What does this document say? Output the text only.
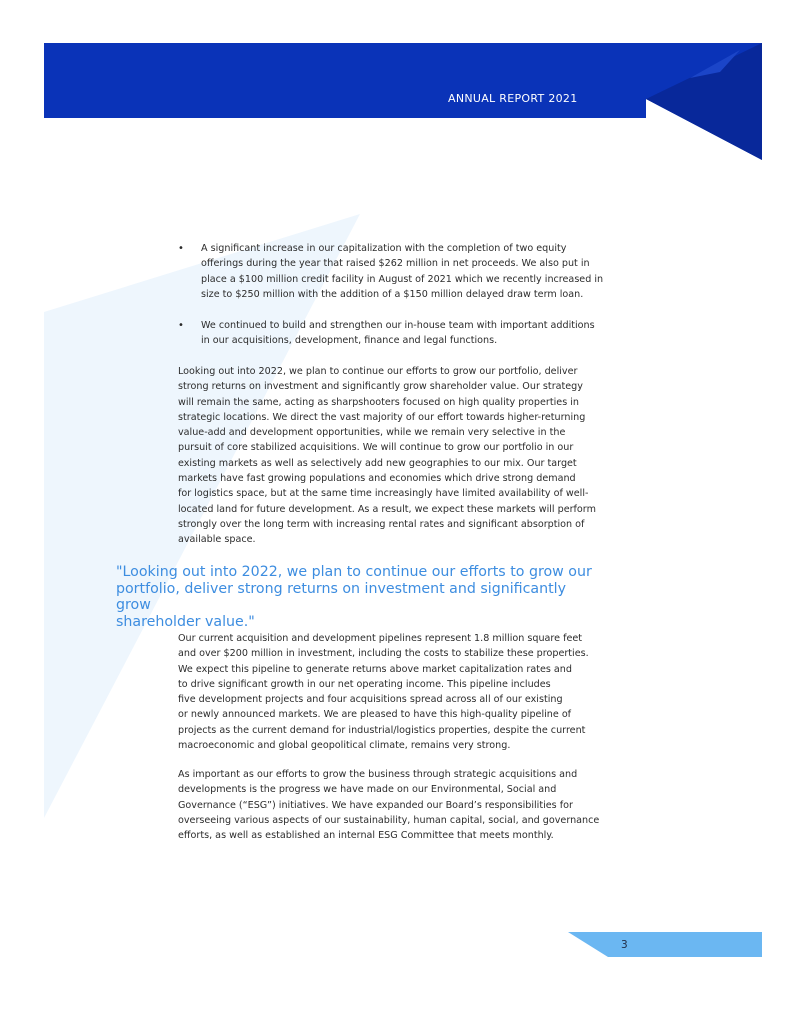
ANNUAL REPORT 2021
• A significant increase in our capitalization with the completion of two equity
offerings during the year that raised $262 million in net proceeds. We also put in
place a $100 million credit facility in August of 2021 which we recently increased in
size to $250 million with the addition of a $150 million delayed draw term loan.
• We continued to build and strengthen our in-house team with important additions
in our acquisitions, development, finance and legal functions.

Looking out into 2022, we plan to continue our efforts to grow our portfolio, deliver
strong returns on investment and significantly grow shareholder value. Our strategy
will remain the same, acting as sharpshooters focused on high quality properties in
strategic locations. We direct the vast majority of our effort towards higher-returning
value-add and development opportunities, while we remain very selective in the
pursuit of core stabilized acquisitions. We will continue to grow our portfolio in our
existing markets as well as selectively add new geographies to our mix. Our target
markets have fast growing populations and economies which drive strong demand
for logistics space, but at the same time increasingly have limited availability of well-
located land for future development. As a result, we expect these markets will perform
strongly over the long term with increasing rental rates and significant absorption of
available space.

"Looking out into 2022, we plan to continue our efforts to grow our
portfolio, deliver strong returns on investment and significantly grow
shareholder value."

Our current acquisition and development pipelines represent 1.8 million square feet
and over $200 million in investment, including the costs to stabilize these properties.
We expect this pipeline to generate returns above market capitalization rates and
to drive significant growth in our net operating income. This pipeline includes
five development projects and four acquisitions spread across all of our existing
or newly announced markets. We are pleased to have this high-quality pipeline of
projects as the current demand for industrial/logistics properties, despite the current
macroeconomic and global geopolitical climate, remains very strong.

As important as our efforts to grow the business through strategic acquisitions and
developments is the progress we have made on our Environmental, Social and
Governance (“ESG”) initiatives. We have expanded our Board’s responsibilities for
overseeing various aspects of our sustainability, human capital, social, and governance
efforts, as well as established an internal ESG Committee that meets monthly.

3
